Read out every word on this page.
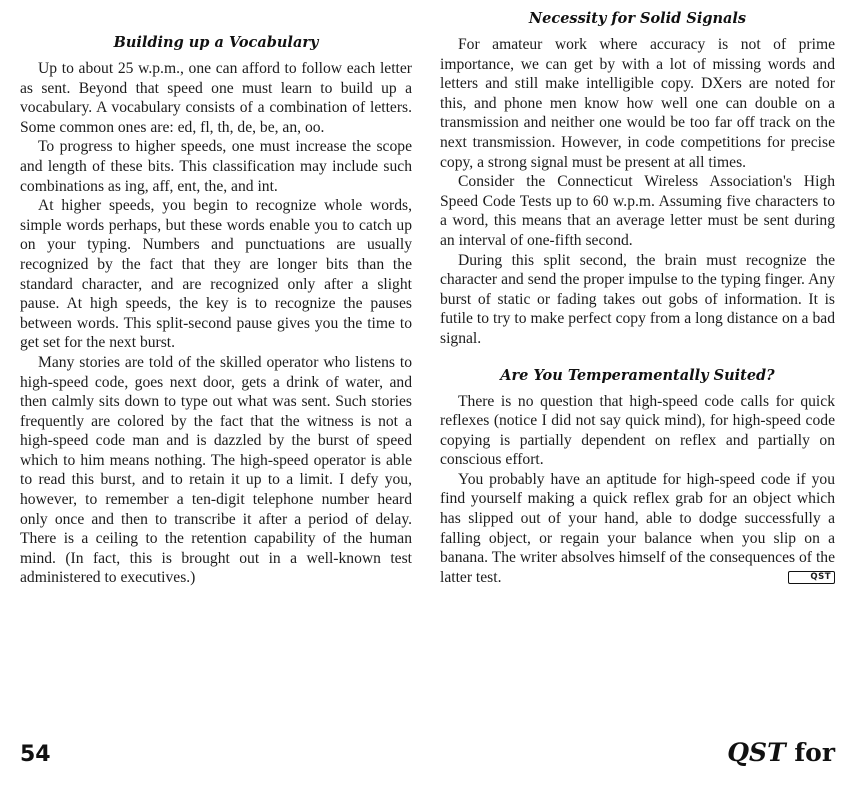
Building up a Vocabulary

Up to about 25 w.p.m., one can afford to follow each letter as sent. Beyond that speed one must learn to build up a vocabulary. A vocabulary consists of a combination of letters. Some common ones are: ed, fl, th, de, be, an, oo.

To progress to higher speeds, one must increase the scope and length of these bits. This classification may include such combinations as ing, aff, ent, the, and int.

At higher speeds, you begin to recognize whole words, simple words perhaps, but these words enable you to catch up on your typing. Numbers and punctuations are usually recognized by the fact that they are longer bits than the standard character, and are recognized only after a slight pause. At high speeds, the key is to recognize the pauses between words. This split-second pause gives you the time to get set for the next burst.

Many stories are told of the skilled operator who listens to high-speed code, goes next door, gets a drink of water, and then calmly sits down to type out what was sent. Such stories frequently are colored by the fact that the witness is not a high-speed code man and is dazzled by the burst of speed which to him means nothing. The high-speed operator is able to read this burst, and to retain it up to a limit. I defy you, however, to remember a ten-digit telephone number heard only once and then to transcribe it after a period of delay. There is a ceiling to the retention capability of the human mind. (In fact, this is brought out in a well-known test administered to executives.)

Necessity for Solid Signals

For amateur work where accuracy is not of prime importance, we can get by with a lot of missing words and letters and still make intelligible copy. DXers are noted for this, and phone men know how well one can double on a transmission and neither one would be too far off track on the next transmission. However, in code competitions for precise copy, a strong signal must be present at all times.

Consider the Connecticut Wireless Association's High Speed Code Tests up to 60 w.p.m. Assuming five characters to a word, this means that an average letter must be sent during an interval of one-fifth second.

During this split second, the brain must recognize the character and send the proper impulse to the typing finger. Any burst of static or fading takes out gobs of information. It is futile to try to make perfect copy from a long distance on a bad signal.

Are You Temperamentally Suited?

There is no question that high-speed code calls for quick reflexes (notice I did not say quick mind), for high-speed code copying is partially dependent on reflex and partially on conscious effort.

You probably have an aptitude for high-speed code if you find yourself making a quick reflex grab for an object which has slipped out of your hand, able to dodge successfully a falling object, or regain your balance when you slip on a banana. The writer absolves himself of the consequences of the latter test.	QST

54	QST for
